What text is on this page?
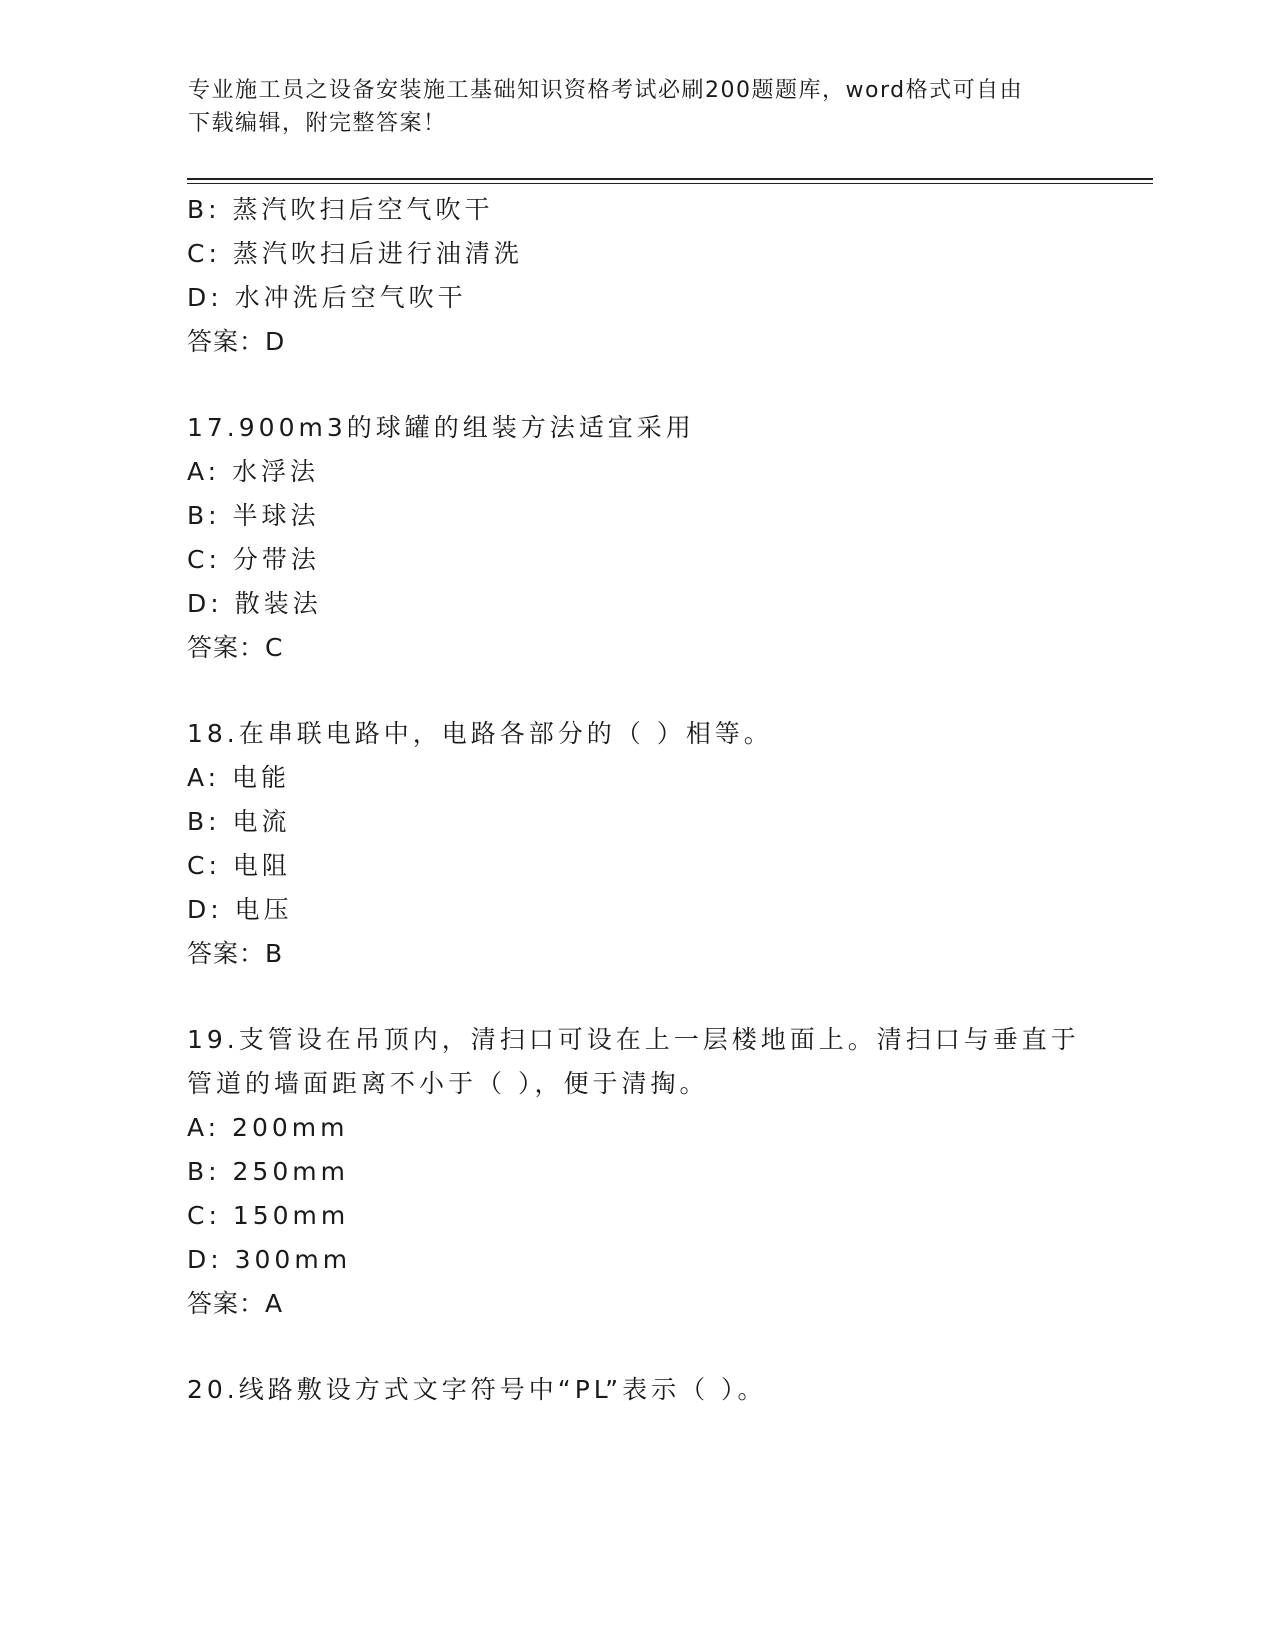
专业施工员之设备安装施工基础知识资格考试必刷200题题库，word格式可自由
下载编辑，附完整答案！
B: 蒸汽吹扫后空气吹干
C: 蒸汽吹扫后进行油清洗
D: 水冲洗后空气吹干
答案：D
17.900m3的球罐的组装方法适宜采用
A: 水浮法
B: 半球法
C: 分带法
D: 散装法
答案：C
18.在串联电路中，电路各部分的（ ）相等。
A: 电能
B: 电流
C: 电阻
D: 电压
答案：B
19.支管设在吊顶内，清扫口可设在上一层楼地面上。清扫口与垂直于
管道的墙面距离不小于（ ），便于清掏。
A: 200mm
B: 250mm
C: 150mm
D: 300mm
答案：A
20.线路敷设方式文字符号中“PL”表示（ ）。
